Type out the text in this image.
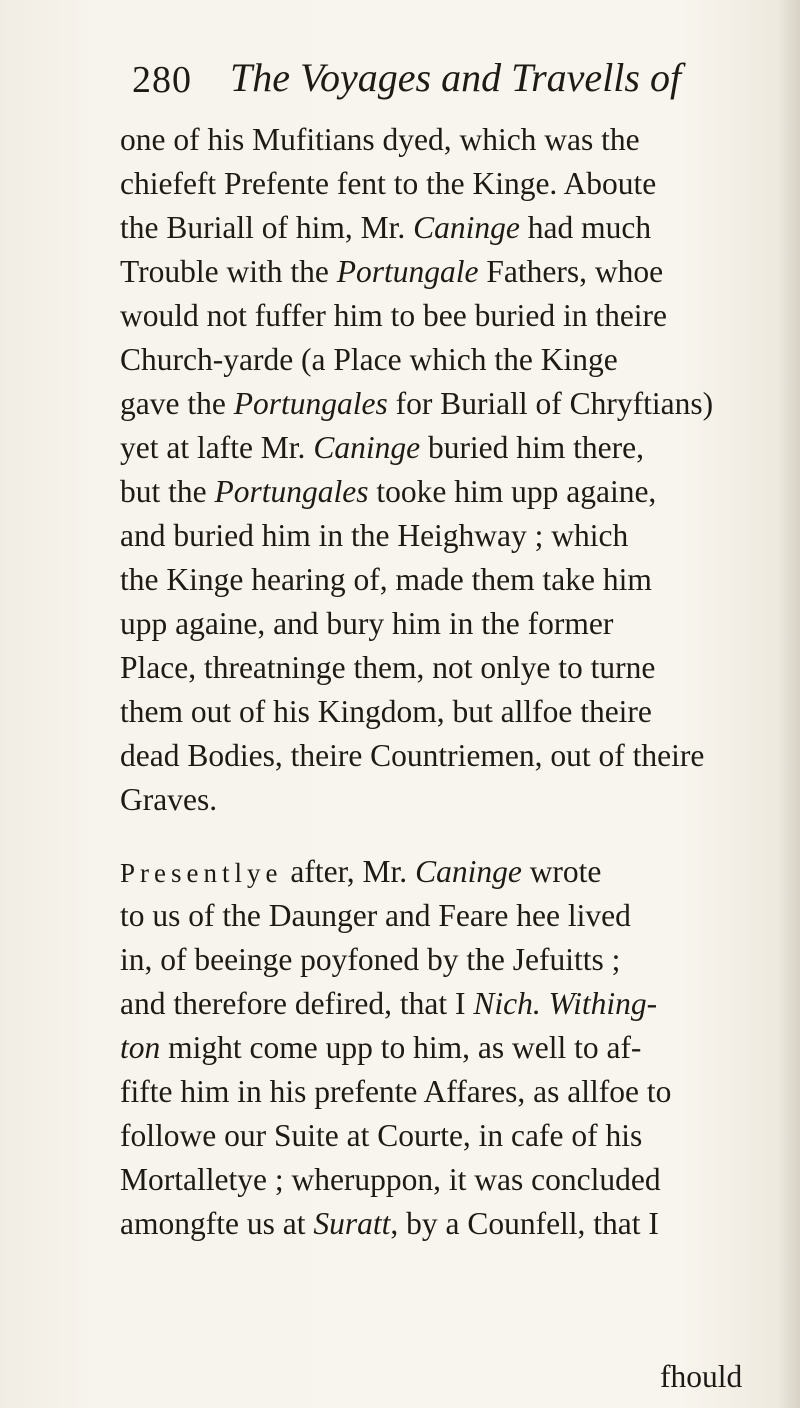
280 The Voyages and Travells of
one of his Mufitians dyed, which was the
chiefeft Prefente fent to the Kinge. Aboute
the Buriall of him, Mr. Caninge had much
Trouble with the Portungale Fathers, whoe
would not fuffer him to bee buried in theire
Church-yarde (a Place which the Kinge
gave the Portungales for Buriall of Chryftians)
yet at lafte Mr. Caninge buried him there,
but the Portungales tooke him upp againe,
and buried him in the Heighway ; which
the Kinge hearing of, made them take him
upp againe, and bury him in the former
Place, threatninge them, not onlye to turne
them out of his Kingdom, but allfoe theire
dead Bodies, theire Countriemen, out of theire
Graves.
Presentlye after, Mr. Caninge wrote
to us of the Daunger and Feare hee lived
in, of beeinge poyfoned by the Jefuitts ;
and therefore defired, that I Nich. Withing-
ton might come upp to him, as well to af-
fifte him in his prefente Affares, as allfoe to
followe our Suite at Courte, in cafe of his
Mortalletye ; wheruppon, it was concluded
amongfte us at Suratt, by a Counfell, that I
fhould
